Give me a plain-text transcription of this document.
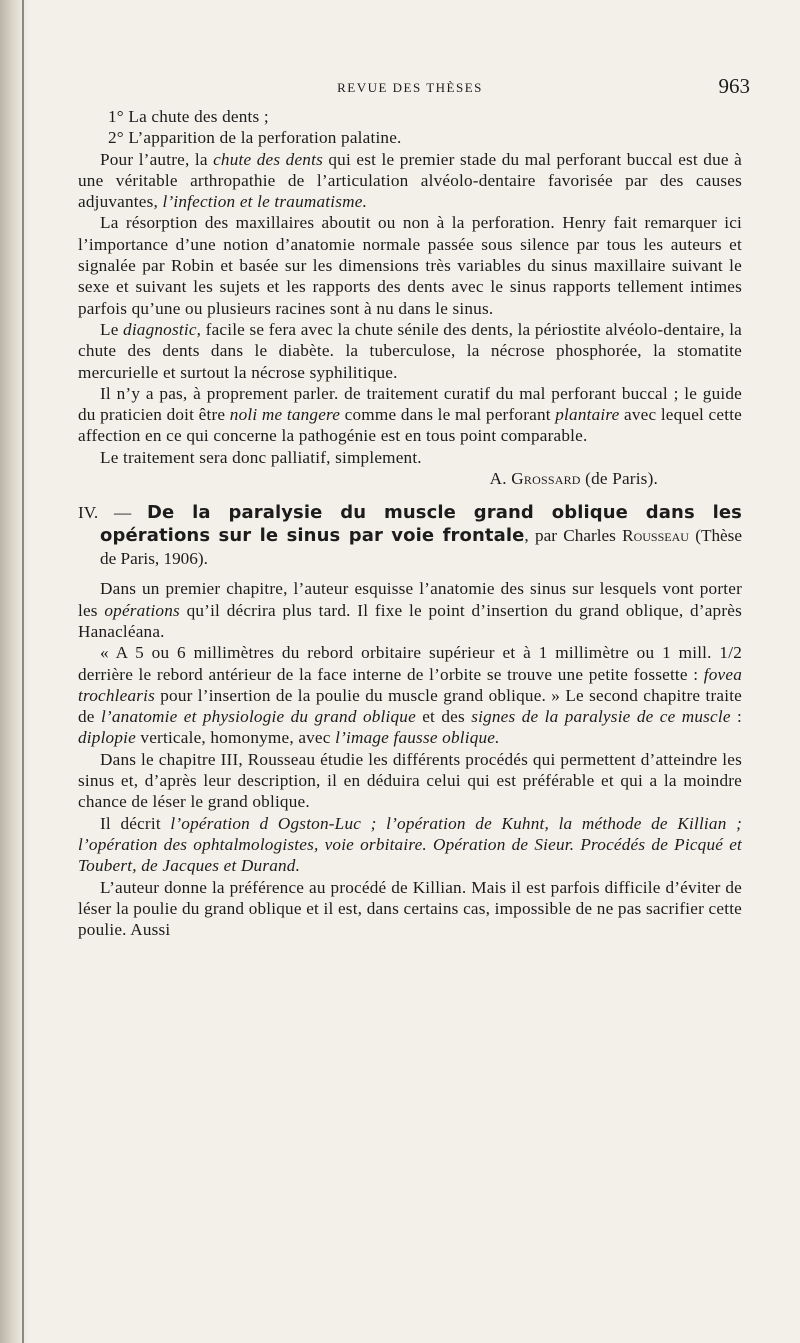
REVUE DES THÈSES	963

1° La chute des dents ;

2° L’apparition de la perforation palatine.

Pour l’autre, la chute des dents qui est le premier stade du mal perforant buccal est due à une véritable arthropathie de l’articulation alvéolo-dentaire favorisée par des causes adjuvantes, l’infection et le traumatisme.

La résorption des maxillaires aboutit ou non à la perforation. Henry fait remarquer ici l’importance d’une notion d’anatomie normale passée sous silence par tous les auteurs et signalée par Robin et basée sur les dimensions très variables du sinus maxillaire suivant le sexe et suivant les sujets et les rapports des dents avec le sinus rapports tellement intimes parfois qu’une ou plusieurs racines sont à nu dans le sinus.

Le diagnostic, facile se fera avec la chute sénile des dents, la périostite alvéolo-dentaire, la chute des dents dans le diabète. la tuberculose, la nécrose phosphorée, la stomatite mercurielle et surtout la nécrose syphilitique.

Il n’y a pas, à proprement parler. de traitement curatif du mal perforant buccal ; le guide du praticien doit être noli me tangere comme dans le mal perforant plantaire avec lequel cette affection en ce qui concerne la pathogénie est en tous point comparable.

Le traitement sera donc palliatif, simplement.

A. Grossard (de Paris).

IV. — De la paralysie du muscle grand oblique dans les opérations sur le sinus par voie frontale, par Charles Rousseau (Thèse de Paris, 1906).

Dans un premier chapitre, l’auteur esquisse l’anatomie des sinus sur lesquels vont porter les opérations qu’il décrira plus tard. Il fixe le point d’insertion du grand oblique, d’après Hanacléana.

« A 5 ou 6 millimètres du rebord orbitaire supérieur et à 1 millimètre ou 1 mill. 1/2 derrière le rebord antérieur de la face interne de l’orbite se trouve une petite fossette : fovea trochlearis pour l’insertion de la poulie du muscle grand oblique. » Le second chapitre traite de l’anatomie et physiologie du grand oblique et des signes de la paralysie de ce muscle : diplopie verticale, homonyme, avec l’image fausse oblique.

Dans le chapitre III, Rousseau étudie les différents procédés qui permettent d’atteindre les sinus et, d’après leur description, il en déduira celui qui est préférable et qui a la moindre chance de léser le grand oblique.

Il décrit l’opération d Ogston-Luc ; l’opération de Kuhnt, la méthode de Killian ; l’opération des ophtalmologistes, voie orbitaire. Opération de Sieur. Procédés de Picqué et Toubert, de Jacques et Durand.

L’auteur donne la préférence au procédé de Killian. Mais il est parfois difficile d’éviter de léser la poulie du grand oblique et il est, dans certains cas, impossible de ne pas sacrifier cette poulie. Aussi
